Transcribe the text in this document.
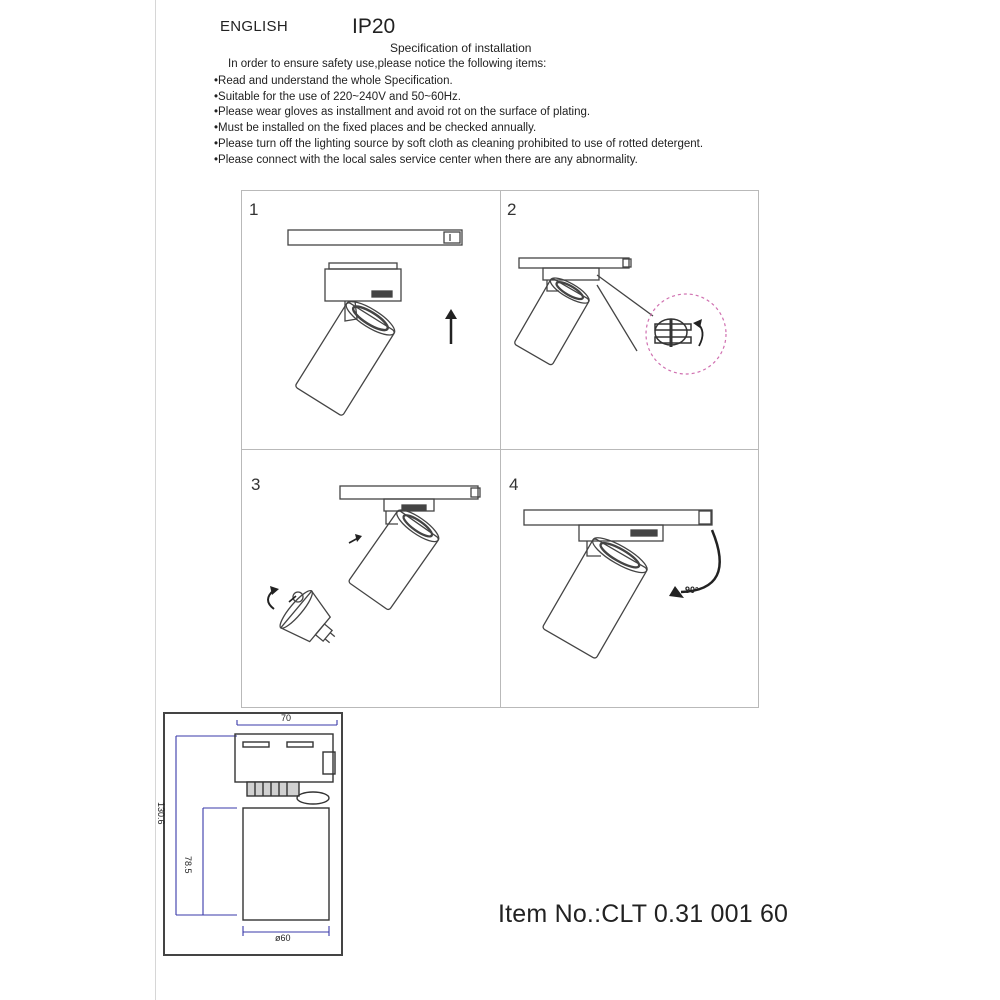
ENGLISH	IP20
Specification of installation
In order to ensure safety use,please notice the following items:
• Read and understand the whole Specification.
• Suitable for the use of 220~240V and 50~60Hz.
• Please wear gloves as installment and avoid rot on the surface of plating.
• Must be installed on the fixed places and be checked annually.
• Please turn off the lighting source by soft cloth as cleaning prohibited to use of rotted detergent.
• Please connect with the local sales service center when there are any abnormality.
1	2
3	4
90°
70
130.6
78.5
ø60
Item No.:CLT 0.31 001 60
